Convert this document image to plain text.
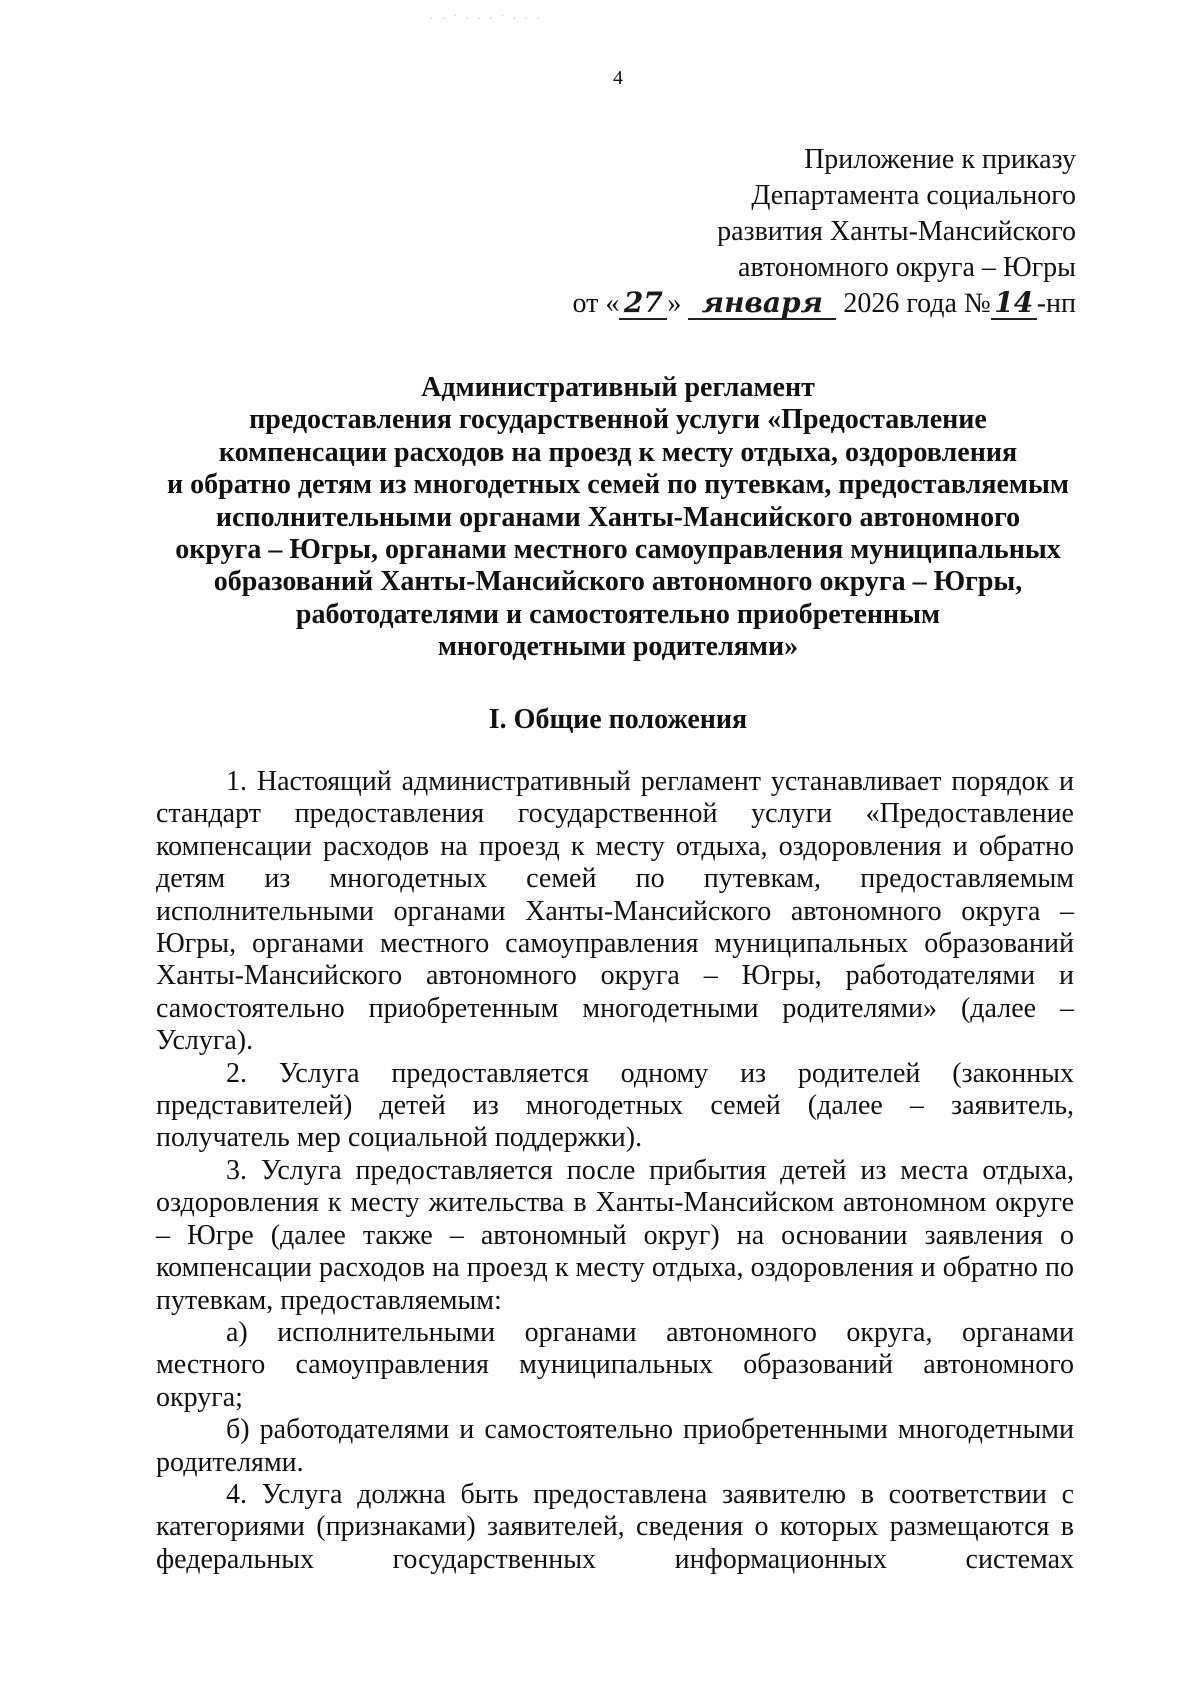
· · ˙ · · · ˙ · · ·
4
Приложение к приказу
Департамента социального
развития Ханты-Мансийского
автономного округа – Югры
от « 27 » января 2026 года № 14 -нп
Административный регламент
предоставления государственной услуги «Предоставление
компенсации расходов на проезд к месту отдыха, оздоровления
и обратно детям из многодетных семей по путевкам, предоставляемым
исполнительными органами Ханты-Мансийского автономного
округа – Югры, органами местного самоуправления муниципальных
образований Ханты-Мансийского автономного округа – Югры,
работодателями и самостоятельно приобретенным
многодетными родителями»
I. Общие положения

1. Настоящий административный регламент устанавливает порядок и стандарт предоставления государственной услуги «Предоставление компенсации расходов на проезд к месту отдыха, оздоровления и обратно детям из многодетных семей по путевкам, предоставляемым исполнительными органами Ханты-Мансийского автономного округа – Югры, органами местного самоуправления муниципальных образований Ханты-Мансийского автономного округа – Югры, работодателями и самостоятельно приобретенным многодетными родителями» (далее – Услуга).

2. Услуга предоставляется одному из родителей (законных представителей) детей из многодетных семей (далее – заявитель, получатель мер социальной поддержки).

3. Услуга предоставляется после прибытия детей из места отдыха, оздоровления к месту жительства в Ханты-Мансийском автономном округе – Югре (далее также – автономный округ) на основании заявления о компенсации расходов на проезд к месту отдыха, оздоровления и обратно по путевкам, предоставляемым:

а) исполнительными органами автономного округа, органами местного самоуправления муниципальных образований автономного округа;

б) работодателями и самостоятельно приобретенными многодетными родителями.

4. Услуга должна быть предоставлена заявителю в соответствии с категориями (признаками) заявителей, сведения о которых размещаются в федеральных государственных информационных системах
